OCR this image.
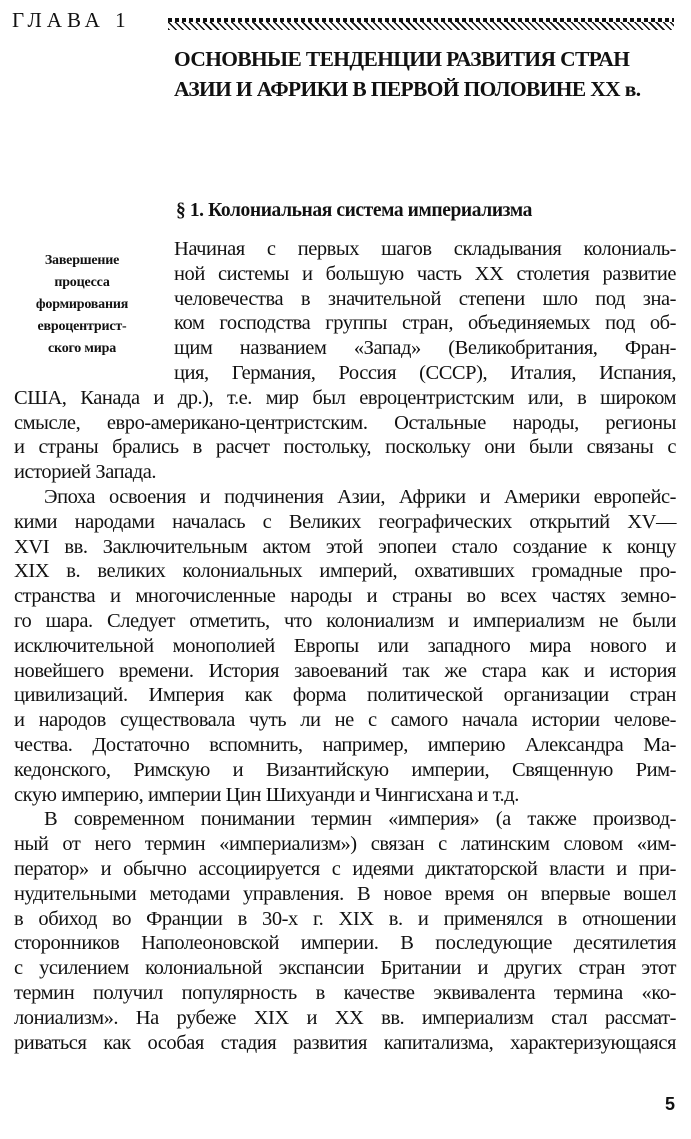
ГЛАВА 1
ОСНОВНЫЕ ТЕНДЕНЦИИ РАЗВИТИЯ СТРАН
АЗИИ И АФРИКИ В ПЕРВОЙ ПОЛОВИНЕ XX в.
§ 1. Колониальная система империализма
Завершение
процесса
формирования
евроцентрист-
ского мира
Начиная с первых шагов складывания колониаль-
ной системы и большую часть XX столетия развитие
человечества в значительной степени шло под зна-
ком господства группы стран, объединяемых под об-
щим названием «Запад» (Великобритания, Фран-
ция, Германия, Россия (СССР), Италия, Испания,
США, Канада и др.), т.е. мир был евроцентристским или, в широком
смысле, евро-американо-центристским. Остальные народы, регионы
и страны брались в расчет постольку, поскольку они были связаны с
историей Запада.
Эпоха освоения и подчинения Азии, Африки и Америки европейс-
кими народами началась с Великих географических открытий XV—
XVI вв. Заключительным актом этой эпопеи стало создание к концу
XIX в. великих колониальных империй, охвативших громадные про-
странства и многочисленные народы и страны во всех частях земно-
го шара. Следует отметить, что колониализм и империализм не были
исключительной монополией Европы или западного мира нового и
новейшего времени. История завоеваний так же стара как и история
цивилизаций. Империя как форма политической организации стран
и народов существовала чуть ли не с самого начала истории челове-
чества. Достаточно вспомнить, например, империю Александра Ма-
кедонского, Римскую и Византийскую империи, Священную Рим-
скую империю, империи Цин Шихуанди и Чингисхана и т.д.
В современном понимании термин «империя» (а также производ-
ный от него термин «империализм») связан с латинским словом «им-
ператор» и обычно ассоциируется с идеями диктаторской власти и при-
нудительными методами управления. В новое время он впервые вошел
в обиход во Франции в 30-х г. XIX в. и применялся в отношении
сторонников Наполеоновской империи. В последующие десятилетия
с усилением колониальной экспансии Британии и других стран этот
термин получил популярность в качестве эквивалента термина «ко-
лониализм». На рубеже XIX и XX вв. империализм стал рассмат-
риваться как особая стадия развития капитализма, характеризующаяся
5
